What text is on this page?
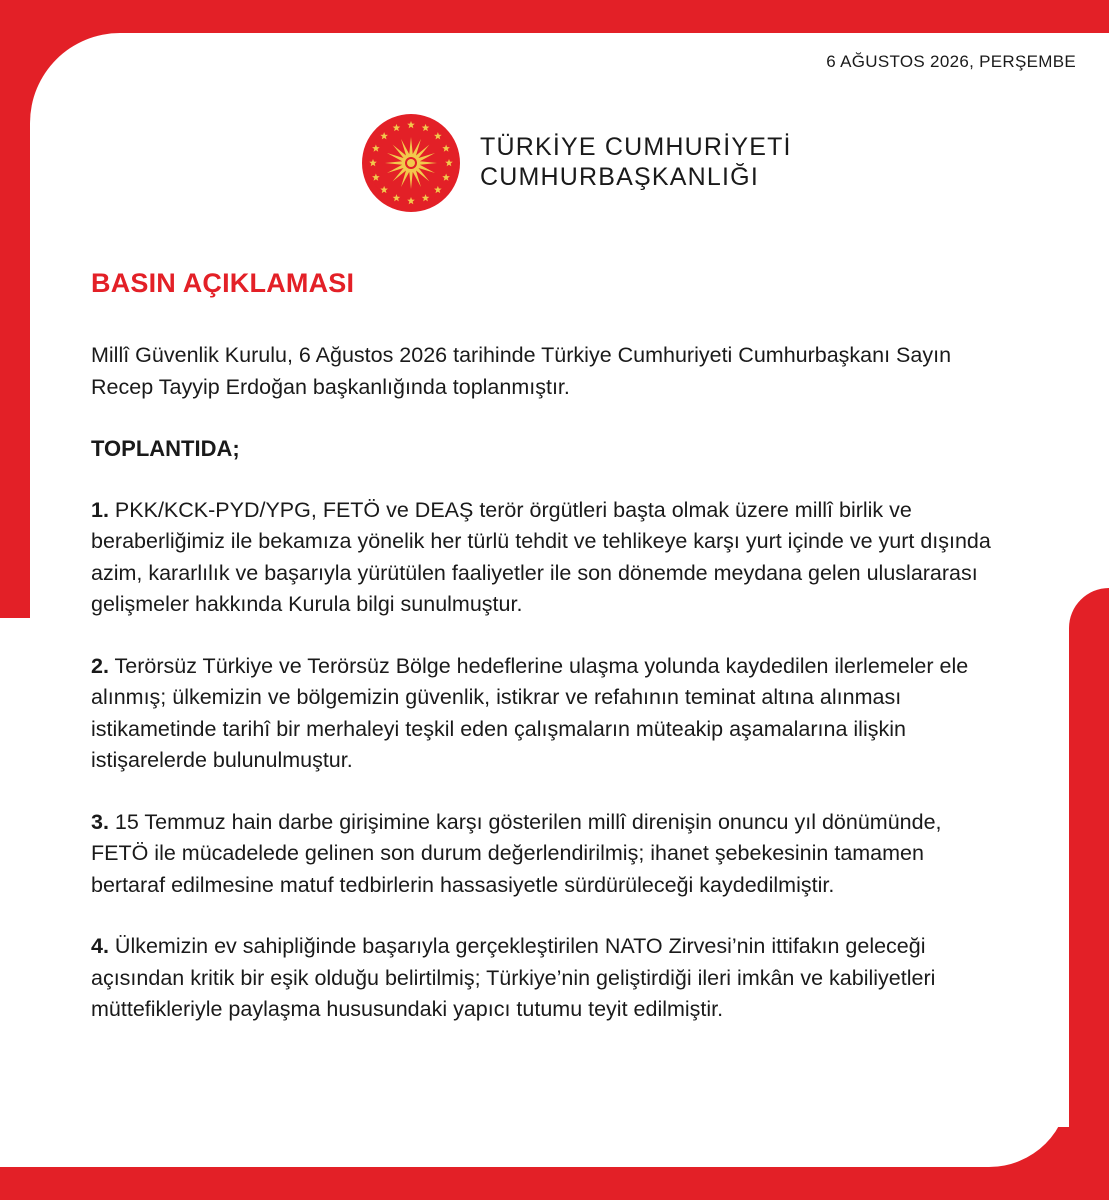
6 AĞUSTOS 2026, PERŞEMBE
TÜRKİYE CUMHURİYETİ
CUMHURBAŞKANLIĞI
BASIN AÇIKLAMASI

Millî Güvenlik Kurulu, 6 Ağustos 2026 tarihinde Türkiye Cumhuriyeti Cumhurbaşkanı Sayın Recep Tayyip Erdoğan başkanlığında toplanmıştır.

TOPLANTIDA;

1. PKK/KCK-PYD/YPG, FETÖ ve DEAŞ terör örgütleri başta olmak üzere millî birlik ve beraberliğimiz ile bekamıza yönelik her türlü tehdit ve tehlikeye karşı yurt içinde ve yurt dışında azim, kararlılık ve başarıyla yürütülen faaliyetler ile son dönemde meydana gelen uluslararası gelişmeler hakkında Kurula bilgi sunulmuştur.

2. Terörsüz Türkiye ve Terörsüz Bölge hedeflerine ulaşma yolunda kaydedilen ilerlemeler ele alınmış; ülkemizin ve bölgemizin güvenlik, istikrar ve refahının teminat altına alınması istikametinde tarihî bir merhaleyi teşkil eden çalışmaların müteakip aşamalarına ilişkin istişarelerde bulunulmuştur.

3. 15 Temmuz hain darbe girişimine karşı gösterilen millî direnişin onuncu yıl dönümünde, FETÖ ile mücadelede gelinen son durum değerlendirilmiş; ihanet şebekesinin tamamen bertaraf edilmesine matuf tedbirlerin hassasiyetle sürdürüleceği kaydedilmiştir.

4. Ülkemizin ev sahipliğinde başarıyla gerçekleştirilen NATO Zirvesi’nin ittifakın geleceği açısından kritik bir eşik olduğu belirtilmiş; Türkiye’nin geliştirdiği ileri imkân ve kabiliyetleri müttefikleriyle paylaşma hususundaki yapıcı tutumu teyit edilmiştir.
